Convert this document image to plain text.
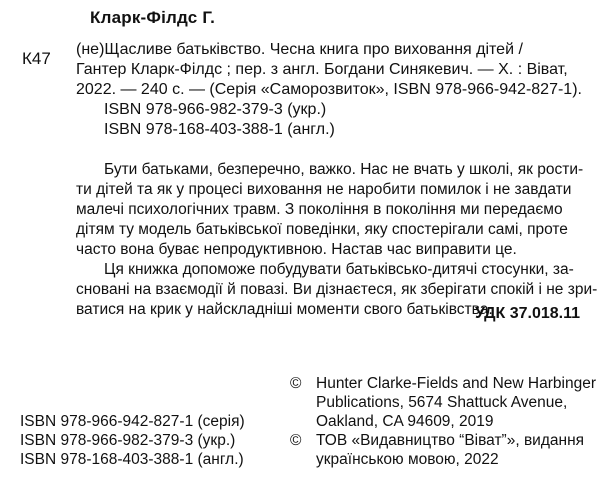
Кларк-Філдс Г.
К47 (не)Щасливе батьківство. Чесна книга про виховання дітей /
Гантер Кларк-Філдс ; пер. з англ. Богдани Синякевич. — Х. : Віват,
2022. — 240 с. — (Серія «Саморозвиток», ISBN 978-966-942-827-1).
ISBN 978-966-982-379-3 (укр.)
ISBN 978-168-403-388-1 (англ.)
Бути батьками, безперечно, важко. Нас не вчать у школі, як рости-
ти дітей та як у процесі виховання не наробити помилок і не завдати
малечі психологічних травм. З покоління в покоління ми передаємо
дітям ту модель батьківської поведінки, яку спостерігали самі, проте
часто вона буває непродуктивною. Настав час виправити це.
Ця книжка допоможе побудувати батьківсько-дитячі стосунки, за-
сновані на взаємодії й повазі. Ви дізнаєтеся, як зберігати спокій і не зри-
ватися на крик у найскладніші моменти свого батьківства.
УДК 37.018.11
© Hunter Clarke-Fields and New Harbinger
Publications, 5674 Shattuck Avenue,
Oakland, CA 94609, 2019
© ТОВ «Видавництво “Віват”», видання
українською мовою, 2022
ISBN 978-966-942-827-1 (серія)
ISBN 978-966-982-379-3 (укр.)
ISBN 978-168-403-388-1 (англ.)
